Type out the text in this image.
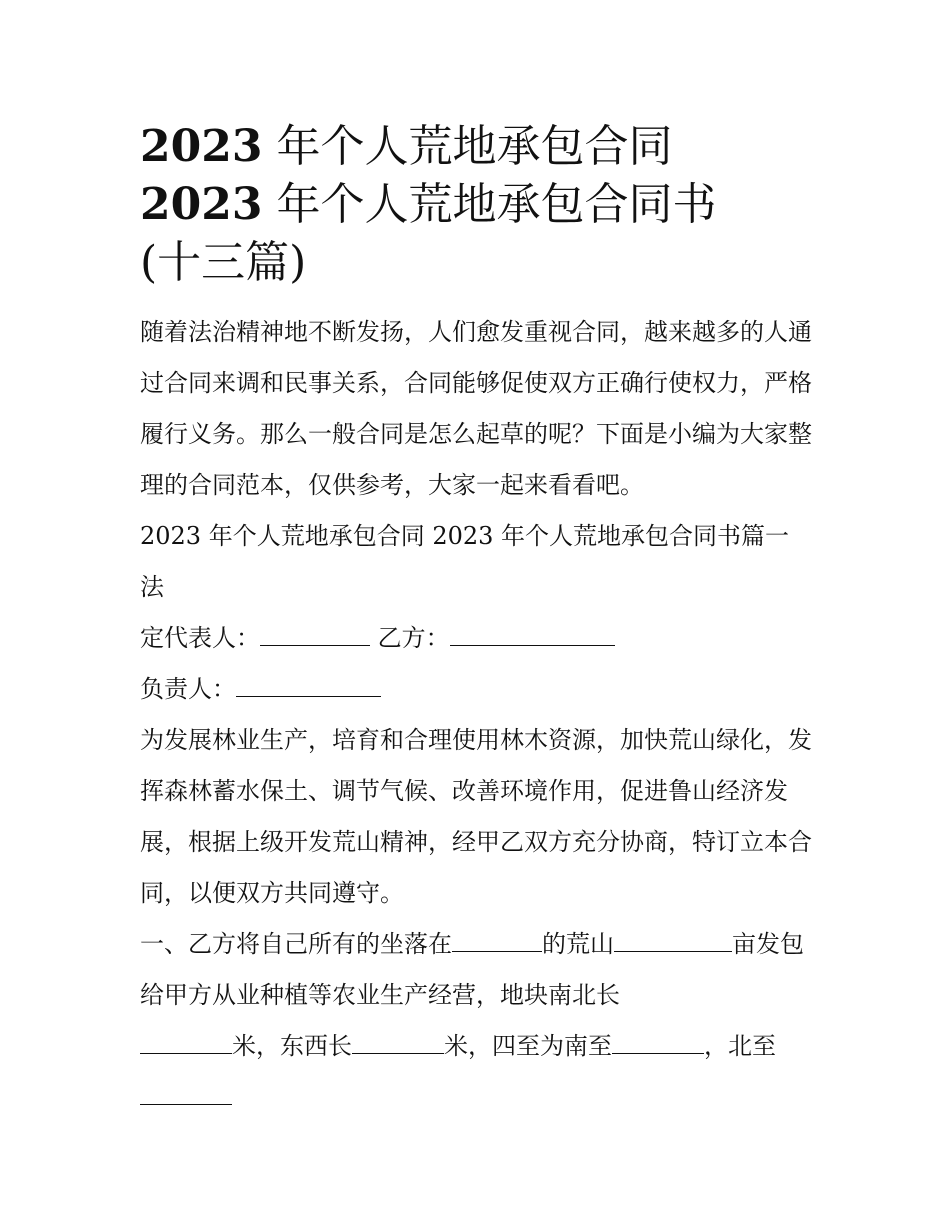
2023 年个人荒地承包合同
2023 年个人荒地承包合同书
(十三篇)

随着法治精神地不断发扬，人们愈发重视合同，越来越多的人通过合同来调和民事关系，合同能够促使双方正确行使权力，严格履行义务。那么一般合同是怎么起草的呢？下面是小编为大家整理的合同范本，仅供参考，大家一起来看看吧。

2023 年个人荒地承包合同 2023 年个人荒地承包合同书篇一 法

定代表人：	乙方：

负责人：

为发展林业生产，培育和合理使用林木资源，加快荒山绿化，发挥森林蓄水保土、调节气候、改善环境作用，促进鲁山经济发展，根据上级开发荒山精神，经甲乙双方充分协商，特订立本合同，以便双方共同遵守。

一、乙方将自己所有的坐落在	的荒山	亩发包给甲方从业种植等农业生产经营，地块南北长
米，东西长	米，四至为南至	，北至
